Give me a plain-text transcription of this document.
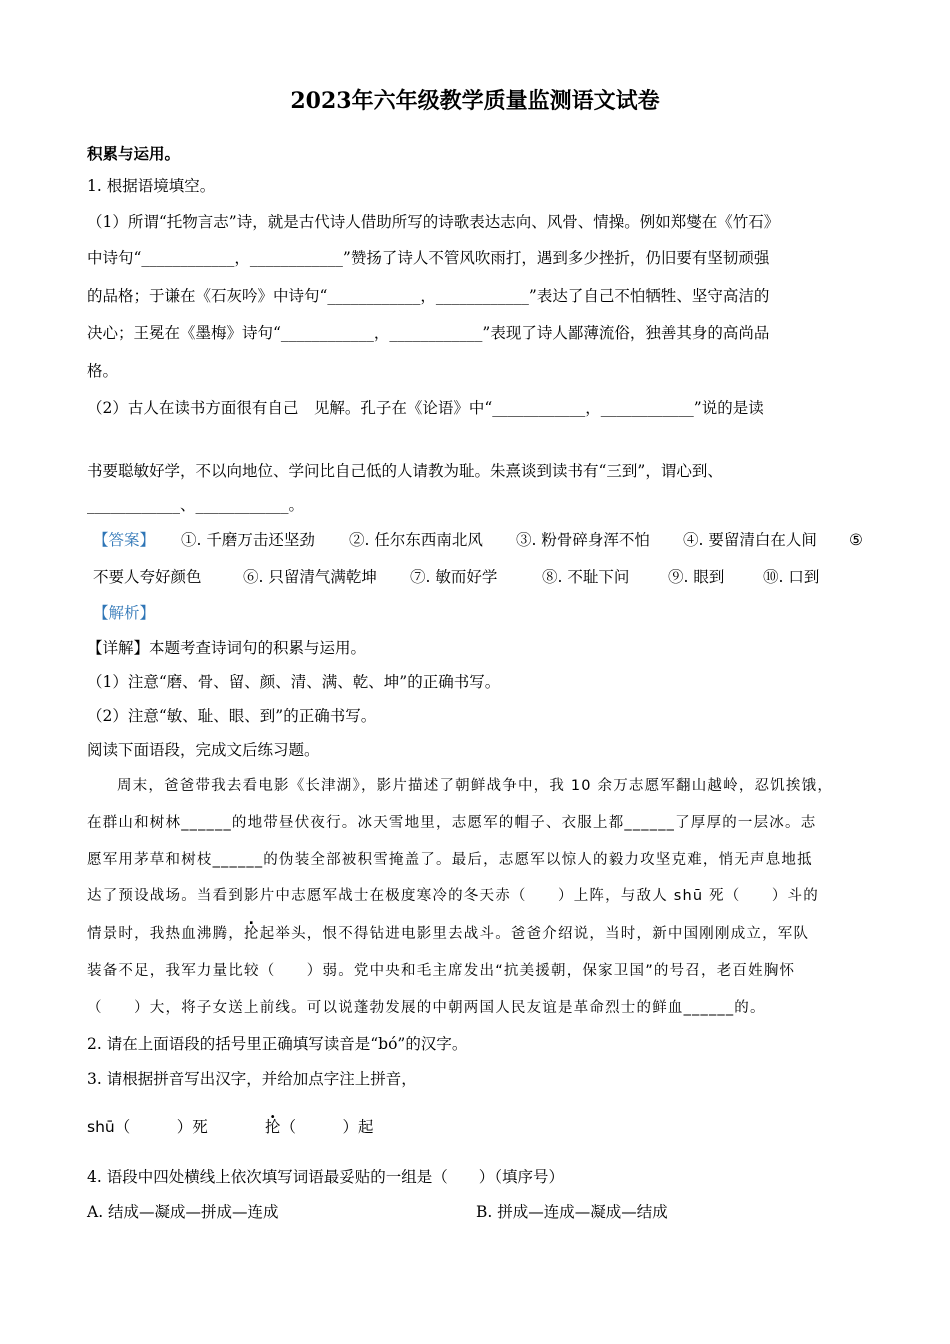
2023年六年级教学质量监测语文试卷
积累与运用。
1. 根据语境填空。
（1）所谓“托物言志”诗，就是古代诗人借助所写的诗歌表达志向、风骨、情操。例如郑燮在《竹石》
中诗句“____________，____________”赞扬了诗人不管风吹雨打，遇到多少挫折，仍旧要有坚韧顽强
的品格；于谦在《石灰吟》中诗句“____________，____________”表达了自己不怕牺牲、坚守高洁的
决心；王冕在《墨梅》诗句“____________，____________”表现了诗人鄙薄流俗，独善其身的高尚品
格。
（2）古人在读书方面很有自己　见解。孔子在《论语》中“____________，____________”说的是读
书要聪敏好学，不以向地位、学问比自己低的人请教为耻。朱熹谈到读书有“三到”，谓心到、
____________、____________。
【答案】 ①. 千磨万击还坚劲 ②. 任尔东西南北风 ③. 粉骨碎身浑不怕 ④. 要留清白在人间 ⑤
不要人夸好颜色	⑥. 只留清气满乾坤 ⑦. 敏而好学	⑧. 不耻下问 ⑨. 眼到 ⑩. 口到
【解析】
【详解】本题考查诗词句的积累与运用。
（1）注意“磨、骨、留、颜、清、满、乾、坤”的正确书写。
（2）注意“敏、耻、眼、到”的正确书写。
阅读下面语段，完成文后练习题。
周末，爸爸带我去看电影《长津湖》，影片描述了朝鲜战争中，我 10 余万志愿军翻山越岭，忍饥挨饿，
在群山和树林______的地带昼伏夜行。冰天雪地里，志愿军的帽子、衣服上都______了厚厚的一层冰。志
愿军用茅草和树枝______的伪装全部被积雪掩盖了。最后，志愿军以惊人的毅力攻坚克难，悄无声息地抵
达了预设战场。当看到影片中志愿军战士在极度寒冷的冬天赤（　　）上阵，与敌人 shū 死（　　）斗的
情景时，我热血沸腾，抡起举头，恨不得钻进电影里去战斗。爸爸介绍说，当时，新中国刚刚成立，军队
装备不足，我军力量比较（　　）弱。党中央和毛主席发出“抗美援朝，保家卫国”的号召，老百姓胸怀
（　　）大，将子女送上前线。可以说蓬勃发展的中朝两国人民友谊是革命烈士的鲜血______的。
2. 请在上面语段的括号里正确填写读音是“bó”的汉字。
3. 请根据拼音写出汉字，并给加点字注上拼音，
shū（　　　）死	抡（　　　）起
4. 语段中四处横线上依次填写词语最妥贴的一组是（　　）（填序号）
A. 结成—凝成—拼成—连成	B. 拼成—连成—凝成—结成
